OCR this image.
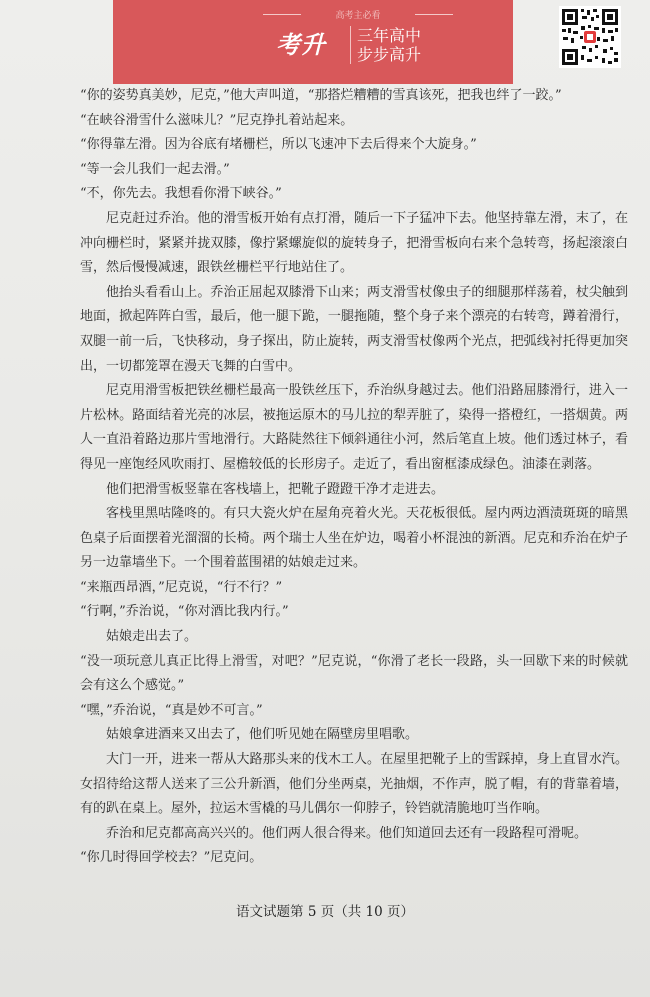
高考主必看
考升	三年高中
步步高升

“你的姿势真美妙，尼克，”他大声叫道，“那搭烂糟糟的雪真该死，把我也绊了一跤。”

“在峡谷滑雪什么滋味儿？”尼克挣扎着站起来。

“你得靠左滑。因为谷底有堵栅栏，所以飞速冲下去后得来个大旋身。”

“等一会儿我们一起去滑。”

“不，你先去。我想看你滑下峡谷。”

尼克赶过乔治。他的滑雪板开始有点打滑，随后一下子猛冲下去。他坚持靠左滑，末了，在冲向栅栏时，紧紧并拢双膝，像拧紧螺旋似的旋转身子，把滑雪板向右来个急转弯，扬起滚滚白雪，然后慢慢减速，跟铁丝栅栏平行地站住了。

他抬头看看山上。乔治正屈起双膝滑下山来；两支滑雪杖像虫子的细腿那样荡着，杖尖触到地面，掀起阵阵白雪，最后，他一腿下跪，一腿拖随，整个身子来个漂亮的右转弯，蹲着滑行，双腿一前一后，飞快移动，身子探出，防止旋转，两支滑雪杖像两个光点，把弧线衬托得更加突出，一切都笼罩在漫天飞舞的白雪中。

尼克用滑雪板把铁丝栅栏最高一股铁丝压下，乔治纵身越过去。他们沿路屈膝滑行，进入一片松林。路面结着光亮的冰层，被拖运原木的马儿拉的犁弄脏了，染得一搭橙红，一搭烟黄。两人一直沿着路边那片雪地滑行。大路陡然往下倾斜通往小河，然后笔直上坡。他们透过林子，看得见一座饱经风吹雨打、屋檐较低的长形房子。走近了，看出窗框漆成绿色。油漆在剥落。

他们把滑雪板竖靠在客栈墙上，把靴子蹬蹬干净才走进去。

客栈里黑咕隆咚的。有只大瓷火炉在屋角亮着火光。天花板很低。屋内两边酒渍斑斑的暗黑色桌子后面摆着光溜溜的长椅。两个瑞士人坐在炉边，喝着小杯混浊的新酒。尼克和乔治在炉子另一边靠墙坐下。一个围着蓝围裙的姑娘走过来。

“来瓶西昂酒，”尼克说，“行不行？”

“行啊，”乔治说，“你对酒比我内行。”

姑娘走出去了。

“没一项玩意儿真正比得上滑雪，对吧？”尼克说，“你滑了老长一段路，头一回歇下来的时候就会有这么个感觉。”

“嘿，”乔治说，“真是妙不可言。”

姑娘拿进酒来又出去了，他们听见她在隔壁房里唱歌。

大门一开，进来一帮从大路那头来的伐木工人。在屋里把靴子上的雪踩掉，身上直冒水汽。女招待给这帮人送来了三公升新酒，他们分坐两桌，光抽烟，不作声，脱了帽，有的背靠着墙，有的趴在桌上。屋外，拉运木雪橇的马儿偶尔一仰脖子，铃铛就清脆地叮当作响。

乔治和尼克都高高兴兴的。他们两人很合得来。他们知道回去还有一段路程可滑呢。

“你几时得回学校去？”尼克问。

语文试题第 5 页（共 10 页）
